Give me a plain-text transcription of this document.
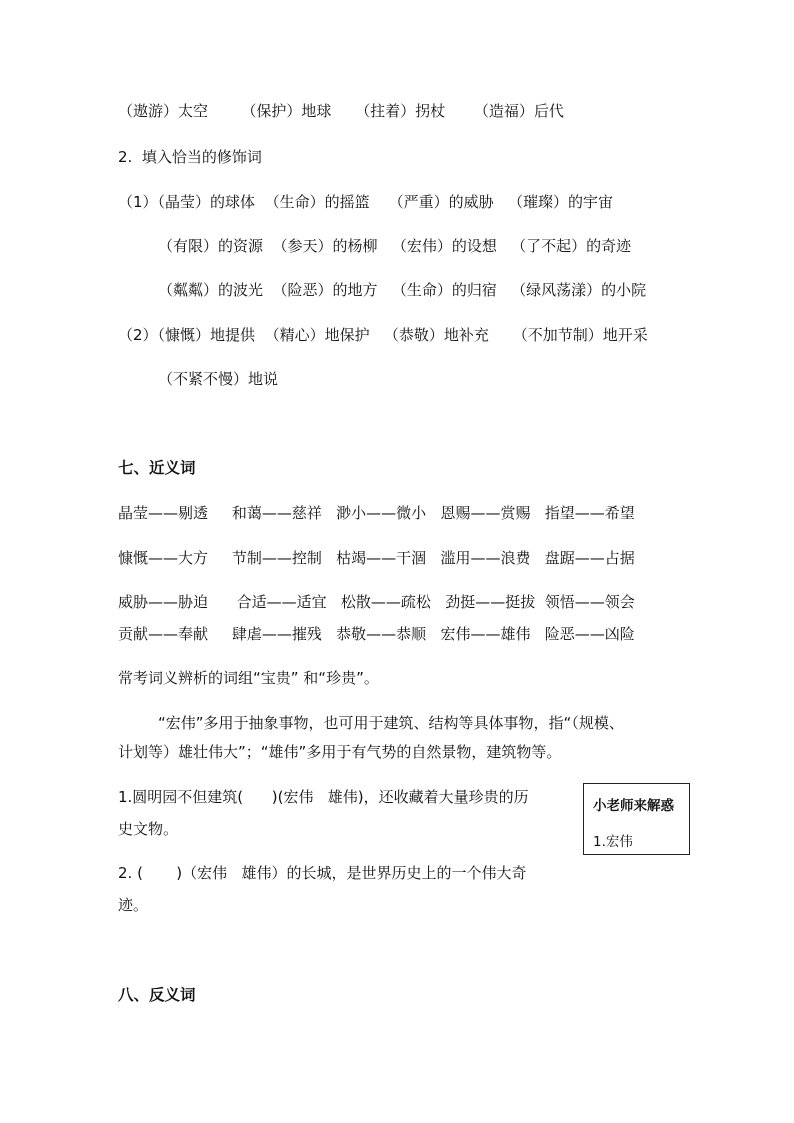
（遨游）太空       （保护）地球     （拄着）拐杖      （造福）后代
2.  填入恰当的修饰词
（1）（晶莹）的球体  （生命）的摇篮    （严重）的威胁   （璀璨）的宇宙
（有限）的资源  （参天）的杨柳   （宏伟）的设想   （了不起）的奇迹
（粼粼）的波光  （险恶）的地方   （生命）的归宿   （绿风荡漾）的小院
（2）（慷慨）地提供  （精心）地保护   （恭敬）地补充     （不加节制）地开采
（不紧不慢）地说
七、近义词
晶莹——剔透     和蔼——慈祥   渺小——微小   恩赐——赏赐   指望——希望
慷慨——大方     节制——控制   枯竭——干涸   滥用——浪费   盘踞——占据
威胁——胁迫      合适——适宜   松散——疏松   劲挺——挺拔  领悟——领会
贡献——奉献     肆虐——摧残   恭敬——恭顺   宏伟——雄伟   险恶——凶险
常考词义辨析的词组“宝贵” 和“珍贵”。
“宏伟”多用于抽象事物，也可用于建筑、结构等具体事物，指“（规模、
计划等）雄壮伟大”；“雄伟”多用于有气势的自然景物，建筑物等。
1.圆明园不但建筑(      )(宏伟   雄伟)，还收藏着大量珍贵的历
史文物。
2. (       )（宏伟   雄伟）的长城，是世界历史上的一个伟大奇
迹。
小老师来解惑
1.宏伟
八、反义词
